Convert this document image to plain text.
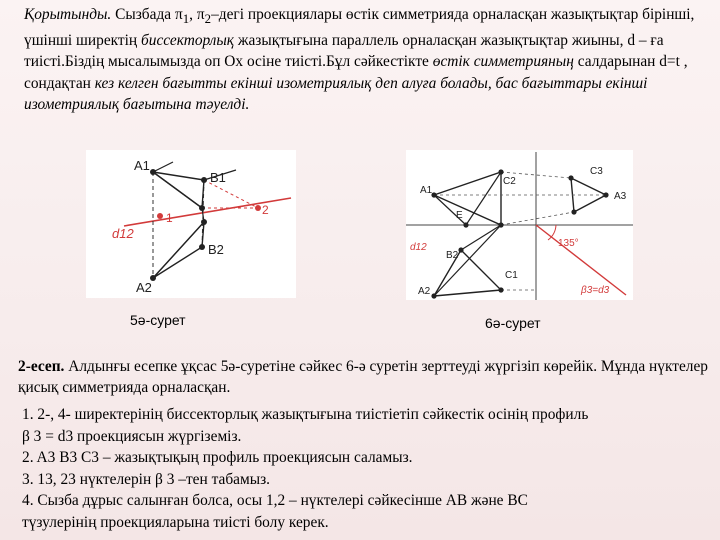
Қорытынды. Сызбада $\pi_1$, $\pi_2$–дегі проекциялары өстік симметрияда орналасқан жазықтықтар бірінші, үшінші ширектің биссекторлық жазықтығына параллель орналасқан жазықтықтар жиыны, d – ға тиісті.Біздің мысалымызда оп Ох осіне тиісті.Бұл сәйкестікте өстік симметрияның салдарынан d=t , сондақтан кез келген бағытты екінші изометриялық деп алуға болады, бас бағыттары екінші изометриялық бағытына тәуелді.
A1
B1
B2
A2
d12
1
2
5ә-сурет
C2
C3
A1
A3
E
d12
β3=d3
C1
135°
B2
A2
6ә-сурет
2-есеп. Алдынғы есепке ұқсас 5ә-суретіне сәйкес 6-ә суретін зерттеуді жүргізіп көрейік. Мұнда нүктелер қисық симметрияда орналасқан.
1. 2-, 4- ширектерінің биссекторлық жазықтығына тиістіетіп сәйкестік осінің профиль
β 3 = d3 проекциясын жүргіземіз.
2. A3 B3 C3 – жазықтықың профиль проекциясын саламыз.
3. 13, 23 нүктелерін β 3 –тен табамыз.
4. Сызба дұрыс салынған болса, осы 1,2 – нүктелері сәйкесінше AB және BC
түзулерінің проекцияларына тиісті болу керек.
